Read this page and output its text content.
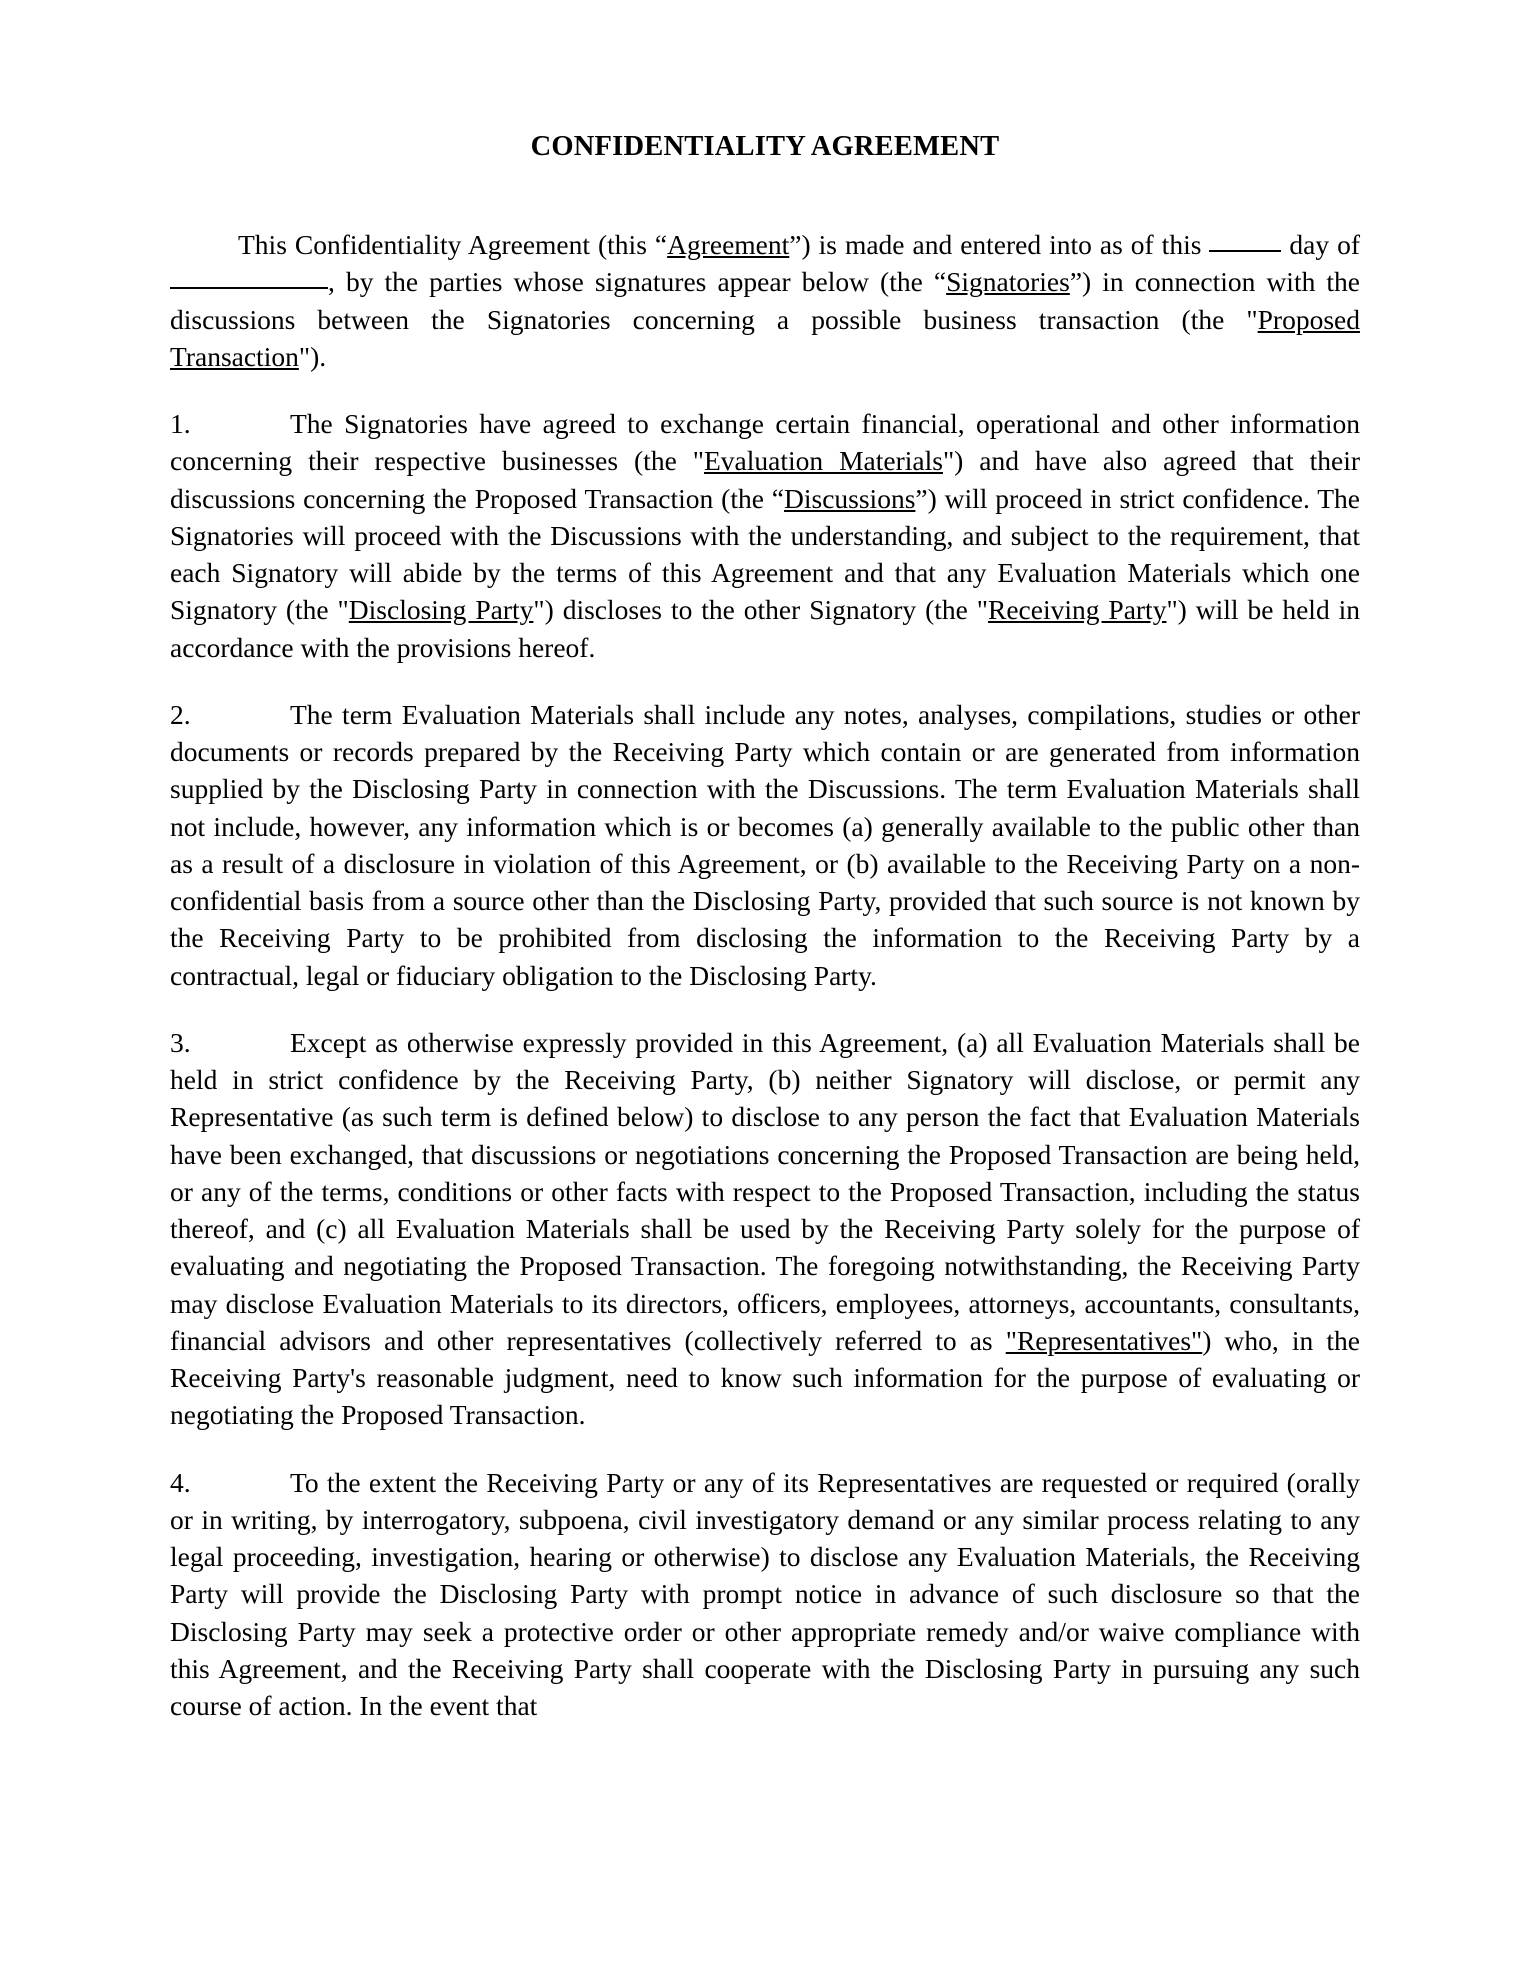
CONFIDENTIALITY AGREEMENT

This Confidentiality Agreement (this “Agreement”) is made and entered into as of this	day of , by the parties whose signatures appear below (the “Signatories”) in connection with the discussions between the Signatories concerning a possible business transaction (the "Proposed Transaction").

1.	The Signatories have agreed to exchange certain financial, operational and other information concerning their respective businesses (the "Evaluation Materials") and have also agreed that their discussions concerning the Proposed Transaction (the “Discussions”) will proceed in strict confidence. The Signatories will proceed with the Discussions with the understanding, and subject to the requirement, that each Signatory will abide by the terms of this Agreement and that any Evaluation Materials which one Signatory (the "Disclosing Party") discloses to the other Signatory (the "Receiving Party") will be held in accordance with the provisions hereof.

2.	The term Evaluation Materials shall include any notes, analyses, compilations, studies or other documents or records prepared by the Receiving Party which contain or are generated from information supplied by the Disclosing Party in connection with the Discussions. The term Evaluation Materials shall not include, however, any information which is or becomes (a) generally available to the public other than as a result of a disclosure in violation of this Agreement, or (b) available to the Receiving Party on a non-confidential basis from a source other than the Disclosing Party, provided that such source is not known by the Receiving Party to be prohibited from disclosing the information to the Receiving Party by a contractual, legal or fiduciary obligation to the Disclosing Party.

3.	Except as otherwise expressly provided in this Agreement, (a) all Evaluation Materials shall be held in strict confidence by the Receiving Party, (b) neither Signatory will disclose, or permit any Representative (as such term is defined below) to disclose to any person the fact that Evaluation Materials have been exchanged, that discussions or negotiations concerning the Proposed Transaction are being held, or any of the terms, conditions or other facts with respect to the Proposed Transaction, including the status thereof, and (c) all Evaluation Materials shall be used by the Receiving Party solely for the purpose of evaluating and negotiating the Proposed Transaction. The foregoing notwithstanding, the Receiving Party may disclose Evaluation Materials to its directors, officers, employees, attorneys, accountants, consultants, financial advisors and other representatives (collectively referred to as "Representatives") who, in the Receiving Party's reasonable judgment, need to know such information for the purpose of evaluating or negotiating the Proposed Transaction.

4.	To the extent the Receiving Party or any of its Representatives are requested or required (orally or in writing, by interrogatory, subpoena, civil investigatory demand or any similar process relating to any legal proceeding, investigation, hearing or otherwise) to disclose any Evaluation Materials, the Receiving Party will provide the Disclosing Party with prompt notice in advance of such disclosure so that the Disclosing Party may seek a protective order or other appropriate remedy and/or waive compliance with this Agreement, and the Receiving Party shall cooperate with the Disclosing Party in pursuing any such course of action. In the event that
